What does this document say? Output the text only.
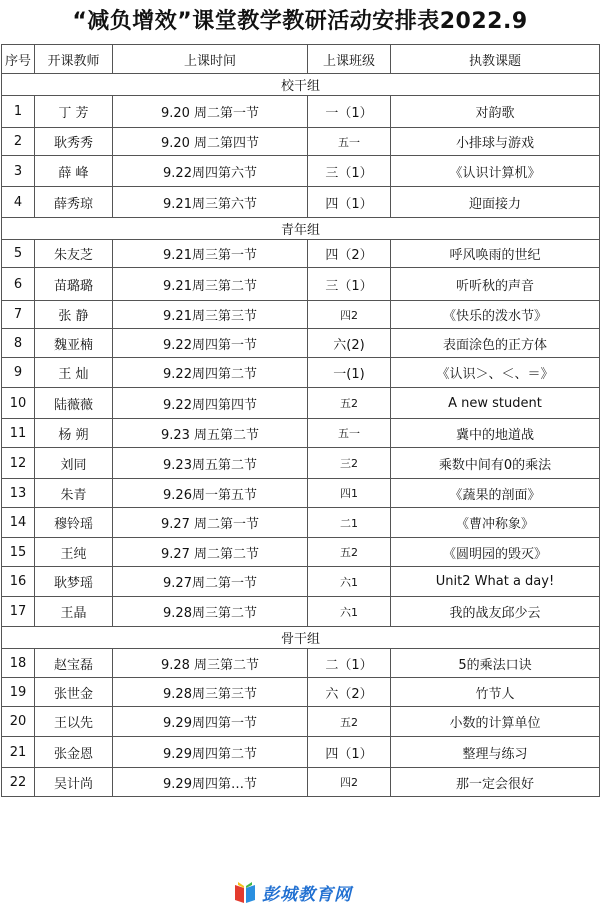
“减负增效”课堂教学教研活动安排表2022.9
序号	开课教师	上课时间	上课班级	执教课题
校干组				
1	丁 芳	9.20 周二第一节	一（1）	对韵歌
2	耿秀秀	9.20 周二第四节	五一	小排球与游戏
3	薛 峰	9.22周四第六节	三（1）	《认识计算机》
4	薛秀琼	9.21周三第六节	四（1）	迎面接力
青年组				
5	朱友芝	9.21周三第一节	四（2）	呼风唤雨的世纪
6	苗璐璐	9.21周三第二节	三（1）	听听秋的声音
7	张 静	9.21周三第三节	四2	《快乐的泼水节》
8	魏亚楠	9.22周四第一节	六(2)	表面涂色的正方体
9	王 灿	9.22周四第二节	一(1)	《认识＞、＜、＝》
10	陆薇薇	9.22周四第四节	五2	A new student
11	杨 朔	9.23 周五第二节	五一	冀中的地道战
12	刘同	9.23周五第二节	三2	乘数中间有0的乘法
13	朱青	9.26周一第五节	四1	《蔬果的剖面》
14	穆铃瑶	9.27 周二第一节	二1	《曹冲称象》
15	王纯	9.27 周二第二节	五2	《圆明园的毁灭》
16	耿梦瑶	9.27周二第一节	六1	Unit2 What a day!
17	王晶	9.28周三第二节	六1	我的战友邱少云
骨干组				
18	赵宝磊	9.28 周三第二节	二（1）	5的乘法口诀
19	张世金	9.28周三第三节	六（2）	竹节人
20	王以先	9.29周四第一节	五2	小数的计算单位
21	张金恩	9.29周四第二节	四（1）	整理与练习
22	吴计尚	9.29周四第…节	四2	那一定会很好
彭城教育网
